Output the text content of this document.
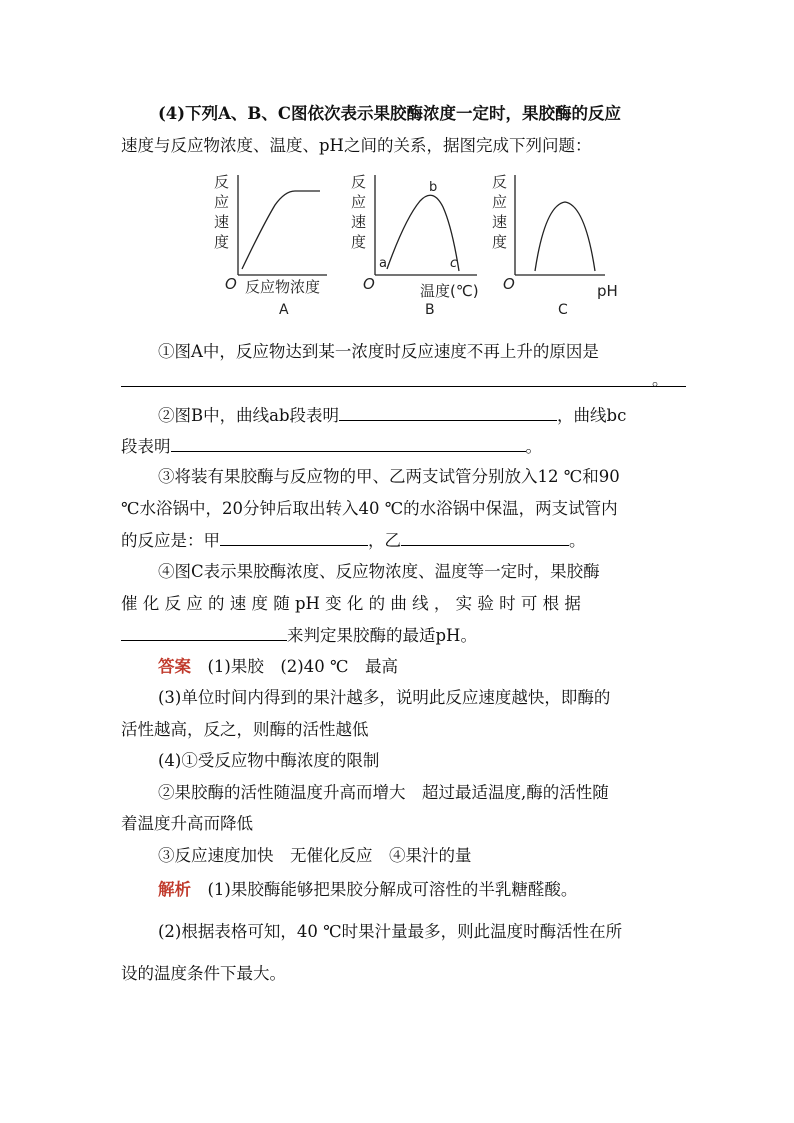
(4)下列A、B、C图依次表示果胶酶浓度一定时，果胶酶的反应
速度与反应物浓度、温度、pH之间的关系，据图完成下列问题：
反
应
速
度
O 反应物浓度
A
反
应
速
度
a
b
c
O	温度(℃)
B
反
应
速
度
O	pH
C
①图A中，反应物达到某一浓度时反应速度不再上升的原因是
。
②图B中，曲线ab段表明	，曲线bc
段表明	。
③将装有果胶酶与反应物的甲、乙两支试管分别放入12 ℃和90
℃水浴锅中，20分钟后取出转入40 ℃的水浴锅中保温，两支试管内
的反应是：甲	，乙	。
④图C表示果胶酶浓度、反应物浓度、温度等一定时，果胶酶
催 化 反 应 的 速 度 随 pH 变 化 的 曲 线 ， 实 验 时 可 根 据
来判定果胶酶的最适pH。
答案　 (1)果胶　(2)40 ℃　最高
(3)单位时间内得到的果汁越多，说明此反应速度越快，即酶的
活性越高，反之，则酶的活性越低
(4)①受反应物中酶浓度的限制
②果胶酶的活性随温度升高而增大　超过最适温度,酶的活性随
着温度升高而降低
③反应速度加快　无催化反应　④果汁的量
解析　 (1)果胶酶能够把果胶分解成可溶性的半乳糖醛酸。
(2)根据表格可知，40 ℃时果汁量最多，则此温度时酶活性在所
设的温度条件下最大。
